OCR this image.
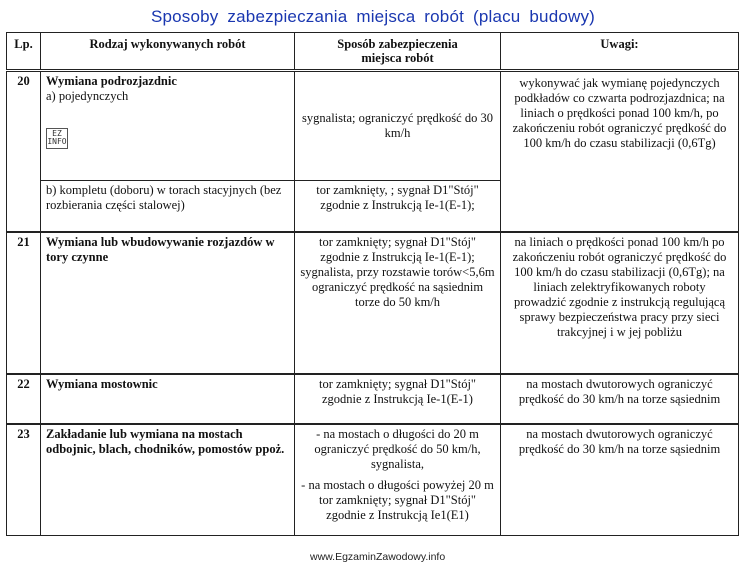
Sposoby zabezpieczania miejsca robót (placu budowy)
Lp.	Rodzaj wykonywanych robót	Sposób zabezpieczenia
miejsca robót	Uwagi:
20	Wymiana podrozjazdnic
a) pojedynczych
EZ INFO	sygnalista; ograniczyć prędkość do 30 km/h	wykonywać jak wymianę pojedynczych podkładów co czwarta podrozjazdnica; na liniach o prędkości ponad 100 km/h, po zakończeniu robót ograniczyć prędkość do 100 km/h do czasu stabilizacji (0,6Tg)
	b) kompletu (doboru) w torach stacyjnych (bez rozbierania części stalowej)	tor zamknięty, ; sygnał D1"Stój" zgodnie z Instrukcją Ie-1(E-1);	
21	Wymiana lub wbudowywanie rozjazdów w tory czynne	tor zamknięty; sygnał D1"Stój" zgodnie z Instrukcją Ie-1(E-1); sygnalista, przy rozstawie torów<5,6m ograniczyć prędkość na sąsiednim torze do 50 km/h	na liniach o prędkości ponad 100 km/h po zakończeniu robót ograniczyć prędkość do 100 km/h do czasu stabilizacji (0,6Tg); na liniach zelektryfikowanych roboty prowadzić zgodnie z instrukcją regulującą sprawy bezpieczeństwa pracy przy sieci trakcyjnej i w jej pobliżu
22	Wymiana mostownic	tor zamknięty; sygnał D1"Stój" zgodnie z Instrukcją Ie-1(E-1)	na mostach dwutorowych ograniczyć prędkość do 30 km/h na torze sąsiednim
23	Zakładanie lub wymiana na mostach odbojnic, blach, chodników, pomostów ppoż.	- na mostach o długości do 20 m ograniczyć prędkość do 50 km/h, sygnalista,
- na mostach o długości powyżej 20 m tor zamknięty; sygnał D1"Stój" zgodnie z Instrukcją Ie1(E1)	na mostach dwutorowych ograniczyć prędkość do 30 km/h na torze sąsiednim
www.EgzaminZawodowy.info
